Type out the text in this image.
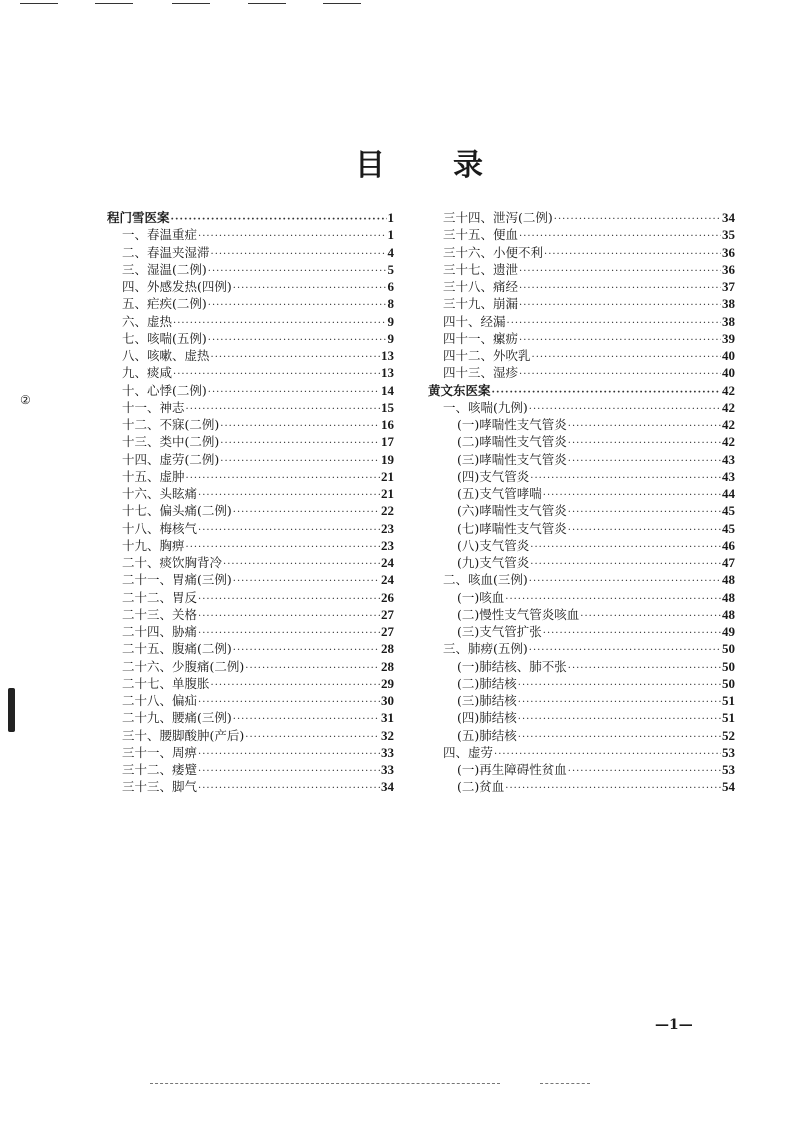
目 录
②
程门雪医案 ·····	1
一、春温重症 ·····	1
二、春温夹湿滞 ·····	4
三、湿温(二例) ·····	5
四、外感发热(四例) ·····	6
五、疟疾(二例) ·····	8
六、虚热 ·····	9
七、咳喘(五例) ·····	9
八、咳嗽、虚热 ·····	13
九、痰咸 ·····	13
十、心悸(二例) ·····	14
十一、神志 ·····	15
十二、不寐(二例) ·····	16
十三、类中(二例) ·····	17
十四、虚劳(二例) ·····	19
十五、虚肿 ·····	21
十六、头眩痛 ·····	21
十七、偏头痛(二例) ·····	22
十八、梅核气 ·····	23
十九、胸痹 ·····	23
二十、痰饮胸背冷 ·····	24
二十一、胃痛(三例) ·····	24
二十二、胃反 ·····	26
二十三、关格 ·····	27
二十四、胁痛 ·····	27
二十五、腹痛(二例) ·····	28
二十六、少腹痛(二例) ·····	28
二十七、单腹胀 ·····	29
二十八、偏疝 ·····	30
二十九、腰痛(三例) ·····	31
三十、腰脚酸肿(产后) ·····	32
三十一、周痹 ·····	33
三十二、痿躄 ·····	33
三十三、脚气 ·····	34
三十四、泄泻(二例) ·····	34
三十五、便血 ·····	35
三十六、小便不利 ·····	36
三十七、遗泄 ·····	36
三十八、痛经 ·····	37
三十九、崩漏 ·····	38
四十、经漏 ·····	38
四十一、瘰疬 ·····	39
四十二、外吹乳 ·····	40
四十三、湿疹 ·····	40
黄文东医案 ·····	42
一、咳喘(九例) ·····	42
(一)哮喘性支气管炎 ·····	42
(二)哮喘性支气管炎 ·····	42
(三)哮喘性支气管炎 ·····	43
(四)支气管炎 ·····	43
(五)支气管哮喘 ·····	44
(六)哮喘性支气管炎 ·····	45
(七)哮喘性支气管炎 ·····	45
(八)支气管炎 ·····	46
(九)支气管炎 ·····	47
二、咳血(三例) ·····	48
(一)咳血 ·····	48
(二)慢性支气管炎咳血 ·····	48
(三)支气管扩张 ·····	49
三、肺痨(五例) ·····	50
(一)肺结核、肺不张 ·····	50
(二)肺结核 ·····	50
(三)肺结核 ·····	51
(四)肺结核 ·····	51
(五)肺结核 ·····	52
四、虚劳 ·····	53
(一)再生障碍性贫血 ·····	53
(二)贫血 ·····	54
—1—
